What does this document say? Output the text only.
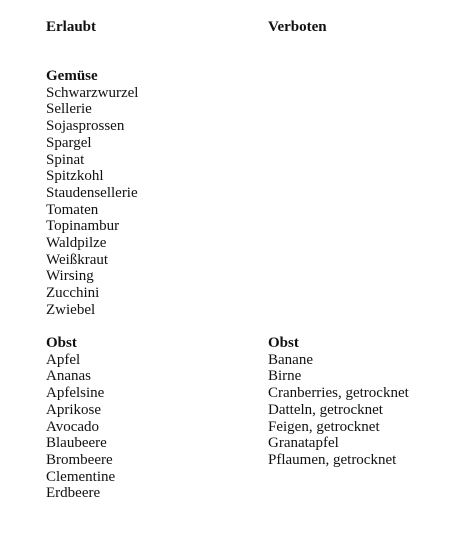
Erlaubt
Gemüse
Schwarzwurzel
Sellerie
Sojasprossen
Spargel
Spinat
Spitzkohl
Staudensellerie
Tomaten
Topinambur
Waldpilze
Weißkraut
Wirsing
Zucchini
Zwiebel
Obst
Apfel
Ananas
Apfelsine
Aprikose
Avocado
Blaubeere
Brombeere
Clementine
Erdbeere
Verboten
Obst
Banane
Birne
Cranberries, getrocknet
Datteln, getrocknet
Feigen, getrocknet
Granatapfel
Pflaumen, getrocknet
